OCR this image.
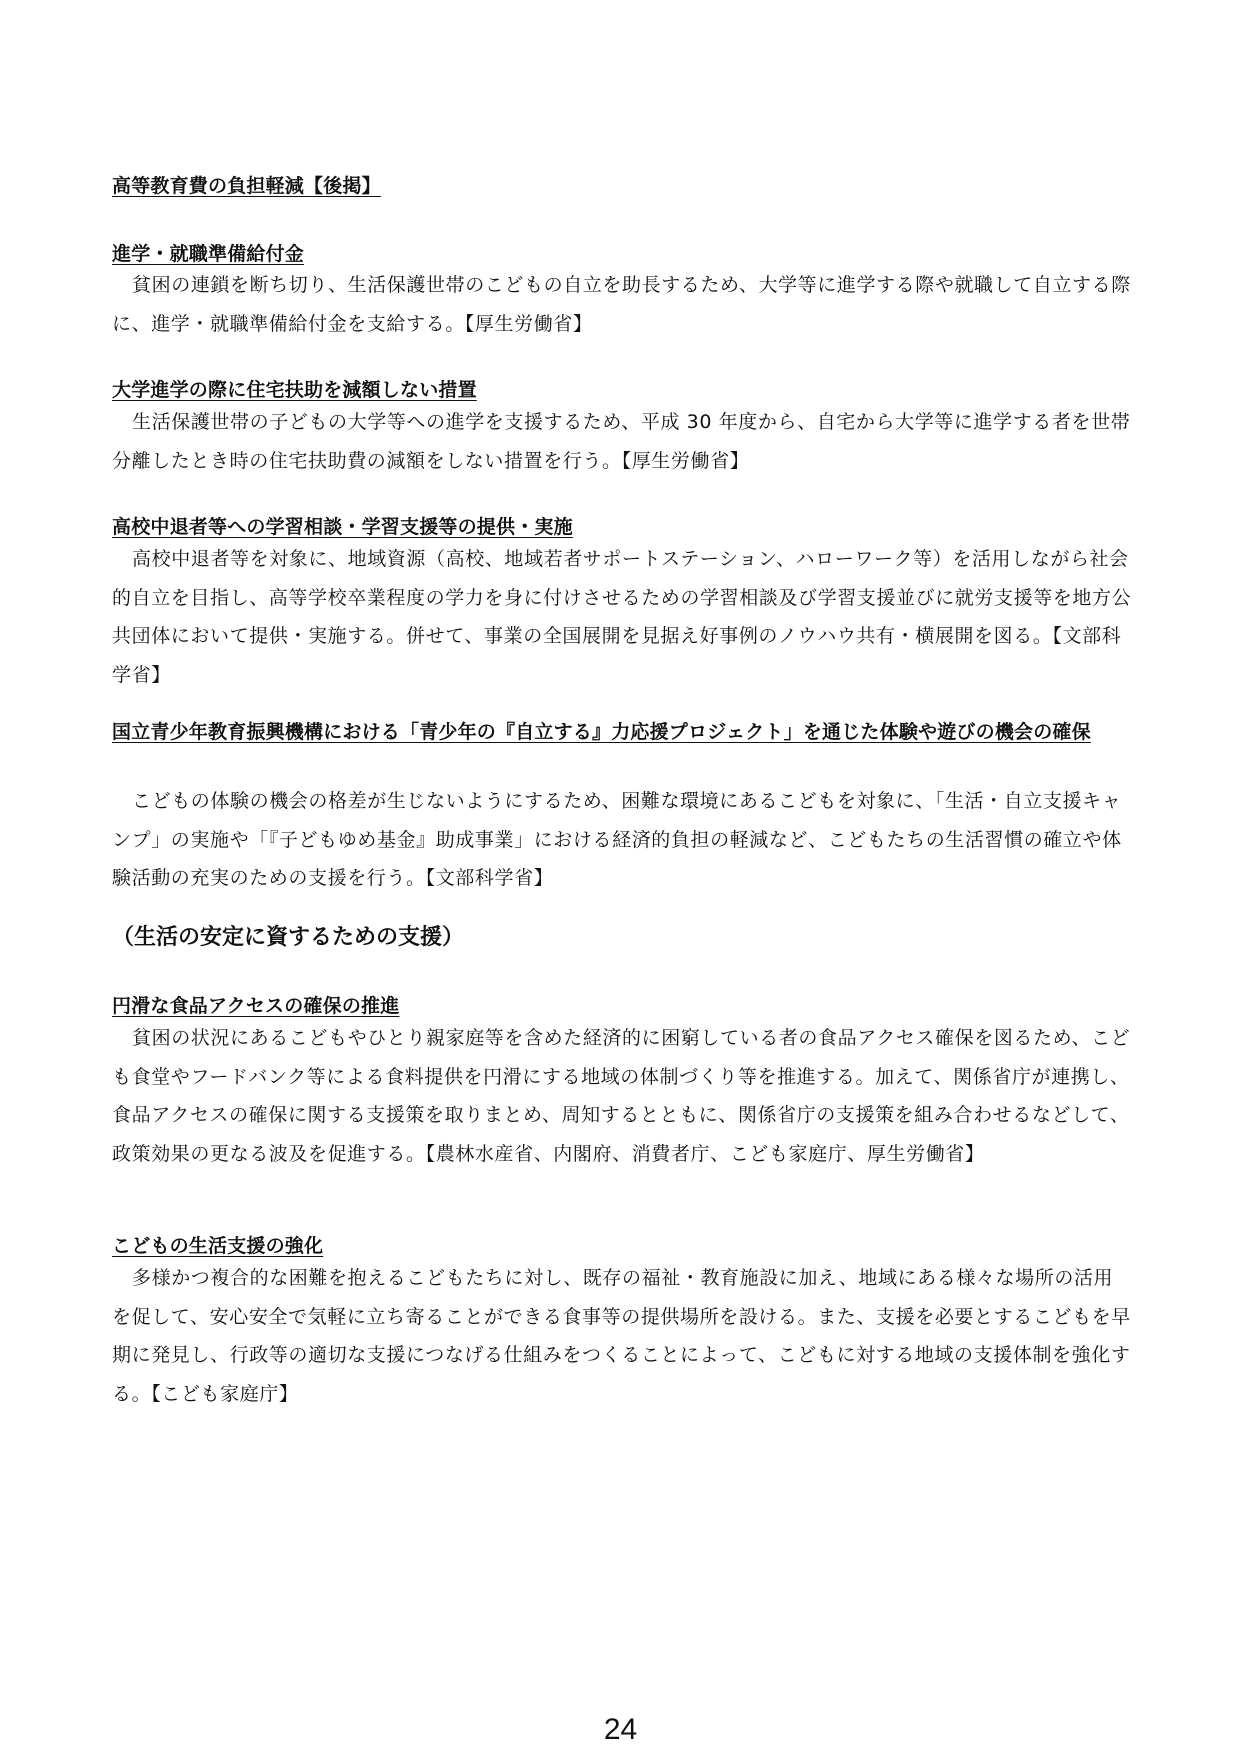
高等教育費の負担軽減【後掲】
進学・就職準備給付金

貧困の連鎖を断ち切り、生活保護世帯のこどもの自立を助長するため、大学等に進学する際や就職して自立する際に、進学・就職準備給付金を支給する。【厚生労働省】

大学進学の際に住宅扶助を減額しない措置

生活保護世帯の子どもの大学等への進学を支援するため、平成 30 年度から、自宅から大学等に進学する者を世帯分離したとき時の住宅扶助費の減額をしない措置を行う。【厚生労働省】

高校中退者等への学習相談・学習支援等の提供・実施

高校中退者等を対象に、地域資源（高校、地域若者サポートステーション、ハローワーク等）を活用しながら社会的自立を目指し、高等学校卒業程度の学力を身に付けさせるための学習相談及び学習支援並びに就労支援等を地方公共団体において提供・実施する。併せて、事業の全国展開を見据え好事例のノウハウ共有・横展開を図る。【文部科学省】

国立青少年教育振興機構における「青少年の『自立する』力応援プロジェクト」を通じた体験や遊びの機会の確保

こどもの体験の機会の格差が生じないようにするため、困難な環境にあるこどもを対象に、「生活・自立支援キャンプ」の実施や「『子どもゆめ基金』助成事業」における経済的負担の軽減など、こどもたちの生活習慣の確立や体験活動の充実のための支援を行う。【文部科学省】

（生活の安定に資するための支援）
円滑な食品アクセスの確保の推進

貧困の状況にあるこどもやひとり親家庭等を含めた経済的に困窮している者の食品アクセス確保を図るため、こども食堂やフードバンク等による食料提供を円滑にする地域の体制づくり等を推進する。加えて、関係省庁が連携し、食品アクセスの確保に関する支援策を取りまとめ、周知するとともに、関係省庁の支援策を組み合わせるなどして、政策効果の更なる波及を促進する。【農林水産省、内閣府、消費者庁、こども家庭庁、厚生労働省】

こどもの生活支援の強化

多様かつ複合的な困難を抱えるこどもたちに対し、既存の福祉・教育施設に加え、地域にある様々な場所の活用を促して、安心安全で気軽に立ち寄ることができる食事等の提供場所を設ける。また、支援を必要とするこどもを早期に発見し、行政等の適切な支援につなげる仕組みをつくることによって、こどもに対する地域の支援体制を強化する。【こども家庭庁】

24
